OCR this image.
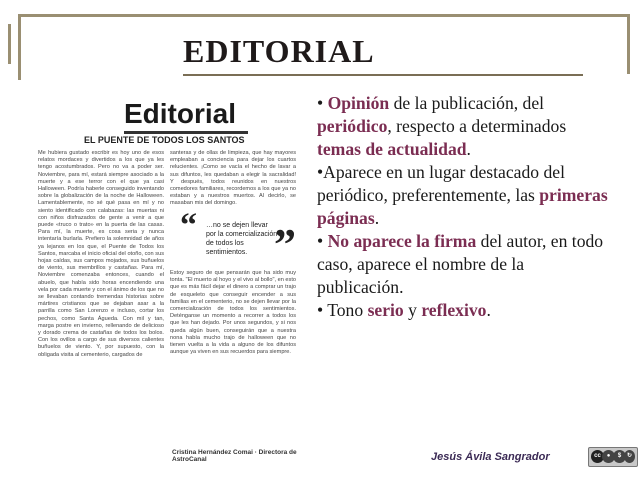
EDITORIAL
Editorial
EL PUENTE DE TODOS LOS SANTOS
Me hubiera gustado escribir es hoy uno de esos relatos mordaces y divertidos a los que ya les tengo acostumbrados. Pero no va a poder ser. Noviembre, para mí, estará siempre asociado a la muerte y a ese terror con el que ya casi Halloween. Podría haberle conseguido inventando sobre la globalización de la noche de Halloween. Lamentablemente, no sé qué pasa en mí y no siento identificado con calabazas: las muertas ni con niños disfrazados de gente a venir a que puede «truco o trato» en la puerta de las casas. Para mí, la muerte, es cosa seria y nunca intentaría burlarla. Prefiero la solemnidad de años ya lejanos en los que, el Puente de Todos los Santos, marcaba el inicio oficial del otoño, con sus hojas caídas, sus campos mojados, sus buñuelos de viento, sus membrillos y castañas. Para mí, Noviembre comenzaba entonces, cuando el abuelo, que había sido horas encendiendo una vela por cada muerte y con el ánimo de los que no se llevaban contando tremendas historias sobre mártires cristianos que se dejaban asar a la parrilla como San Lorenzo e incluso, cortar los pechos, como Santa Águeda. Con mil y tan, marga postre en invierno, rellenando de delicioso y dorado crema de castañas de todos los bolos. Con los ovillos a cargo de sus diversos calientes buñuelos de viento. Y, por supuesto, con la obligada visita al cementerio, cargados de
santeras y de ollas de limpieza, que hay mayores empleaban a conciencia para dejar los cuartos relucientes. ¡Como se vacía el hecho de lavar a sus difuntos, les quedaban a elegir la sacralidad! Y después, todos reunidos en nuestros comedores familiares, recordemos a los que ya no estaban y a nuestros muertos. Al decirlo, se masaban mis del domingo.
“ …no se dejen llevar por la comercialización de todos los sentimientos. ”
Estoy seguro de que pensarán que ha sido muy tonta. "El muerto al hoyo y el vivo al bollo", en esto que es más fácil dejar el dinero a comprar un trajo de esqueleto que conseguir encender a sus familias en el cementerio, no se dejen llevar por la comercialización de todos los sentimientos. Deténganse un momento a recorrer a todos los que les han dejado. Por unos segundos, y si nos queda algún buen, conseguirán que a nuestra nona había mucho trajo de halloween que no tienen vuelta a la vida a alguno de los difuntos aunque ya viven en sus recuerdos para siempre.
Cristina Hernández Comai · Directora de AstroCanal

• Opinión de la publicación, del periódico, respecto a determinados temas de actualidad.

•Aparece en un lugar destacado del periódico, preferentemente, las primeras páginas.

• No aparece la firma del autor, en todo caso, aparece el nombre de la publicación.

• Tono serio y reflexivo.

Jesús Ávila Sangrador	cc ●	$ ↻
